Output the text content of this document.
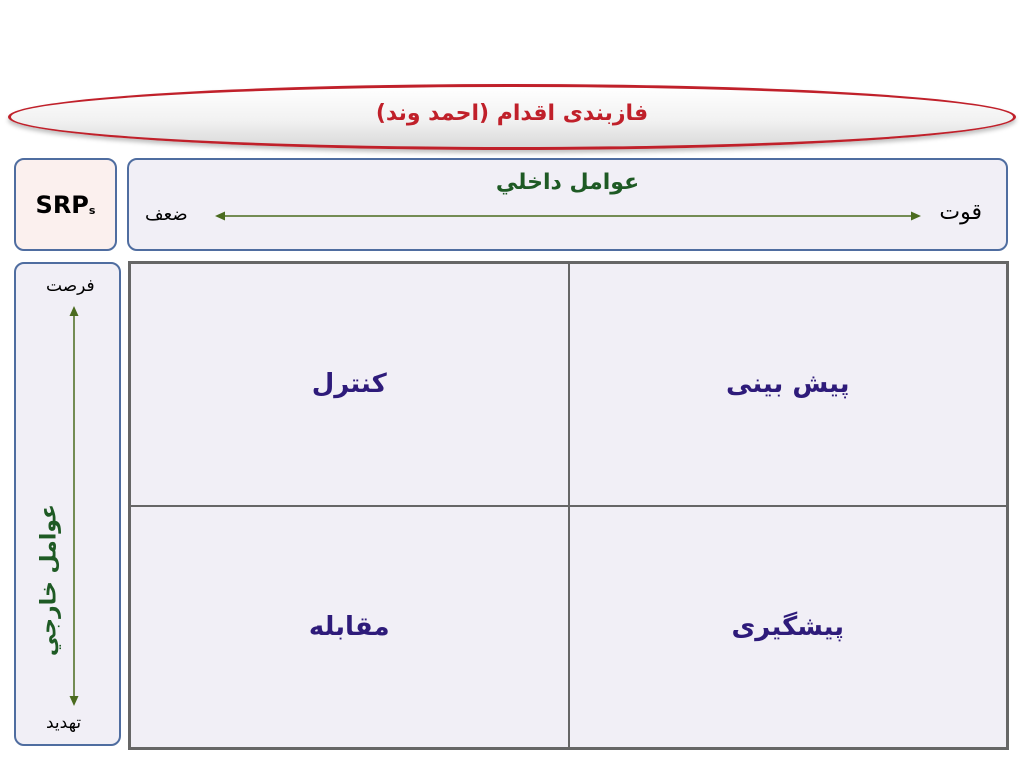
فازبندی اقدام (احمد وند)
$SRP_s$
عوامل داخلي
قوت
ضعف
فرصت
تهدید
عوامل خارجي
كنترل	پیش بینی
مقابله	پیشگیری
